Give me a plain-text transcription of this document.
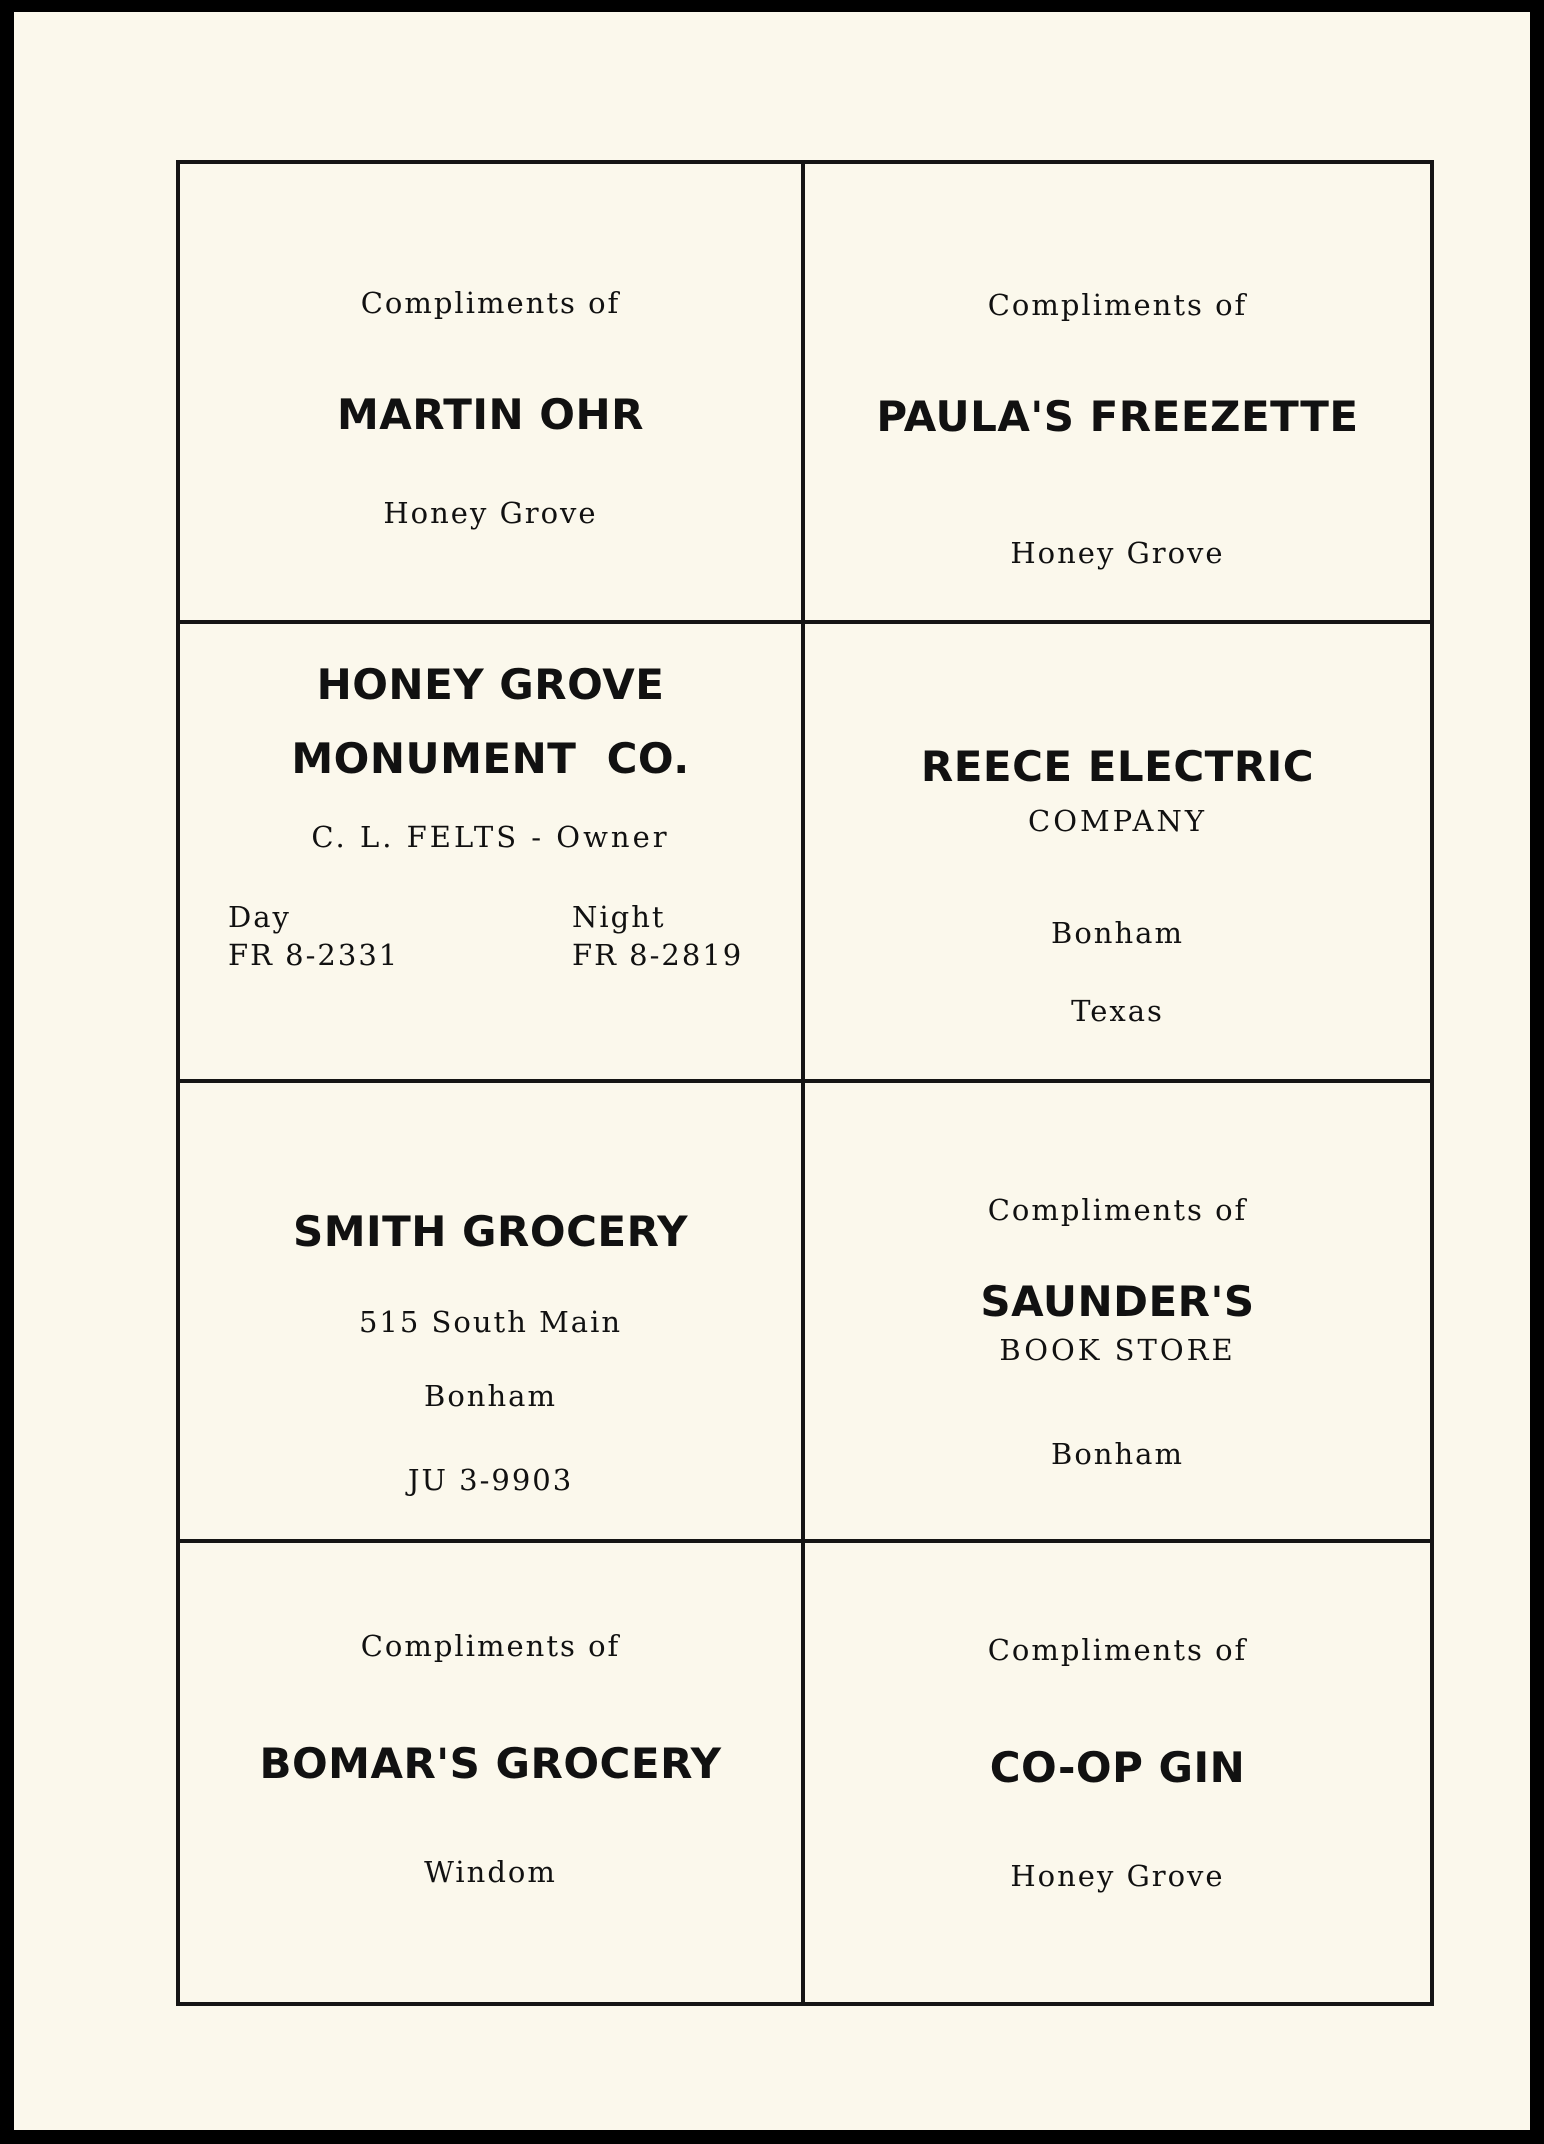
Compliments of
MARTIN OHR
Honey Grove
Compliments of
PAULA'S FREEZETTE
Honey Grove
HONEY GROVE
MONUMENT  CO.
C. L. FELTS - Owner
Day
FR 8-2331
Night
FR 8-2819
REECE ELECTRIC
COMPANY
Bonham
Texas
SMITH GROCERY
515 South Main
Bonham
JU 3-9903
Compliments of
SAUNDER'S
BOOK STORE
Bonham
Compliments of
BOMAR'S GROCERY
Windom
Compliments of
CO-OP GIN
Honey Grove
